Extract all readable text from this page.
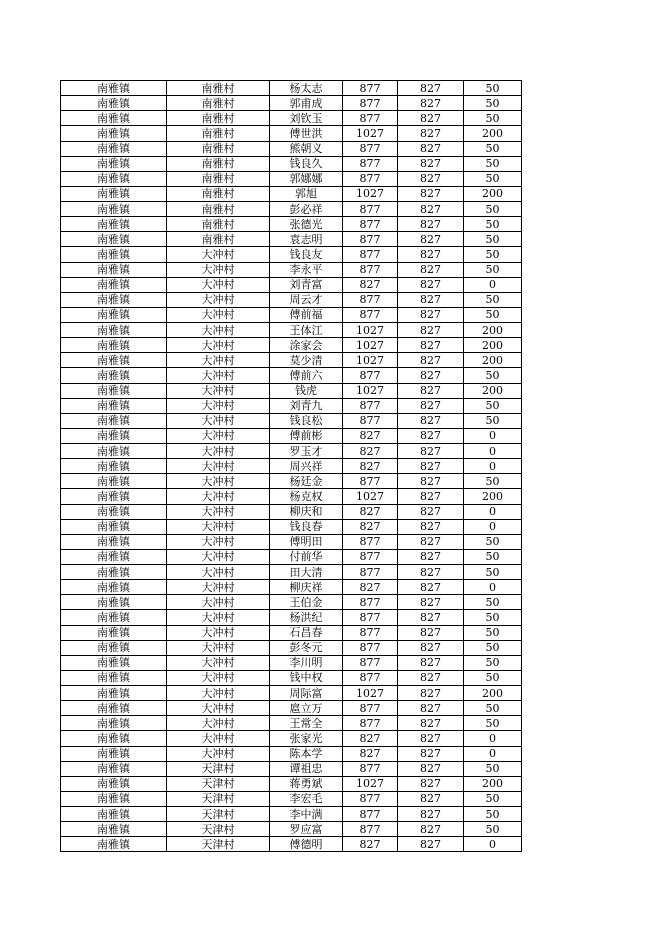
南雅镇	南雅村	杨太志	877	827	50
南雅镇	南雅村	郭甫成	877	827	50
南雅镇	南雅村	刘钦玉	877	827	50
南雅镇	南雅村	傅世洪	1027	827	200
南雅镇	南雅村	熊朝义	877	827	50
南雅镇	南雅村	钱良久	877	827	50
南雅镇	南雅村	郭娜娜	877	827	50
南雅镇	南雅村	郭旭	1027	827	200
南雅镇	南雅村	彭必祥	877	827	50
南雅镇	南雅村	张德光	877	827	50
南雅镇	南雅村	袁志明	877	827	50
南雅镇	大冲村	钱良友	877	827	50
南雅镇	大冲村	李永平	877	827	50
南雅镇	大冲村	刘青富	827	827	0
南雅镇	大冲村	周云才	877	827	50
南雅镇	大冲村	傅前福	877	827	50
南雅镇	大冲村	王体江	1027	827	200
南雅镇	大冲村	涂家会	1027	827	200
南雅镇	大冲村	莫少清	1027	827	200
南雅镇	大冲村	傅前六	877	827	50
南雅镇	大冲村	钱虎	1027	827	200
南雅镇	大冲村	刘青九	877	827	50
南雅镇	大冲村	钱良松	877	827	50
南雅镇	大冲村	傅前彬	827	827	0
南雅镇	大冲村	罗玉才	827	827	0
南雅镇	大冲村	周兴祥	827	827	0
南雅镇	大冲村	杨廷金	877	827	50
南雅镇	大冲村	杨克权	1027	827	200
南雅镇	大冲村	柳庆和	827	827	0
南雅镇	大冲村	钱良春	827	827	0
南雅镇	大冲村	傅明田	877	827	50
南雅镇	大冲村	付前华	877	827	50
南雅镇	大冲村	田大清	877	827	50
南雅镇	大冲村	柳庆祥	827	827	0
南雅镇	大冲村	王伯金	877	827	50
南雅镇	大冲村	杨洪纪	877	827	50
南雅镇	大冲村	石昌春	877	827	50
南雅镇	大冲村	彭冬元	877	827	50
南雅镇	大冲村	李川明	877	827	50
南雅镇	大冲村	钱中权	877	827	50
南雅镇	大冲村	周际富	1027	827	200
南雅镇	大冲村	扈立万	877	827	50
南雅镇	大冲村	王常全	877	827	50
南雅镇	大冲村	张家光	827	827	0
南雅镇	大冲村	陈本学	827	827	0
南雅镇	天津村	谭祖忠	877	827	50
南雅镇	天津村	蒋勇斌	1027	827	200
南雅镇	天津村	李宏毛	877	827	50
南雅镇	天津村	李中满	877	827	50
南雅镇	天津村	罗应富	877	827	50
南雅镇	天津村	傅德明	827	827	0
